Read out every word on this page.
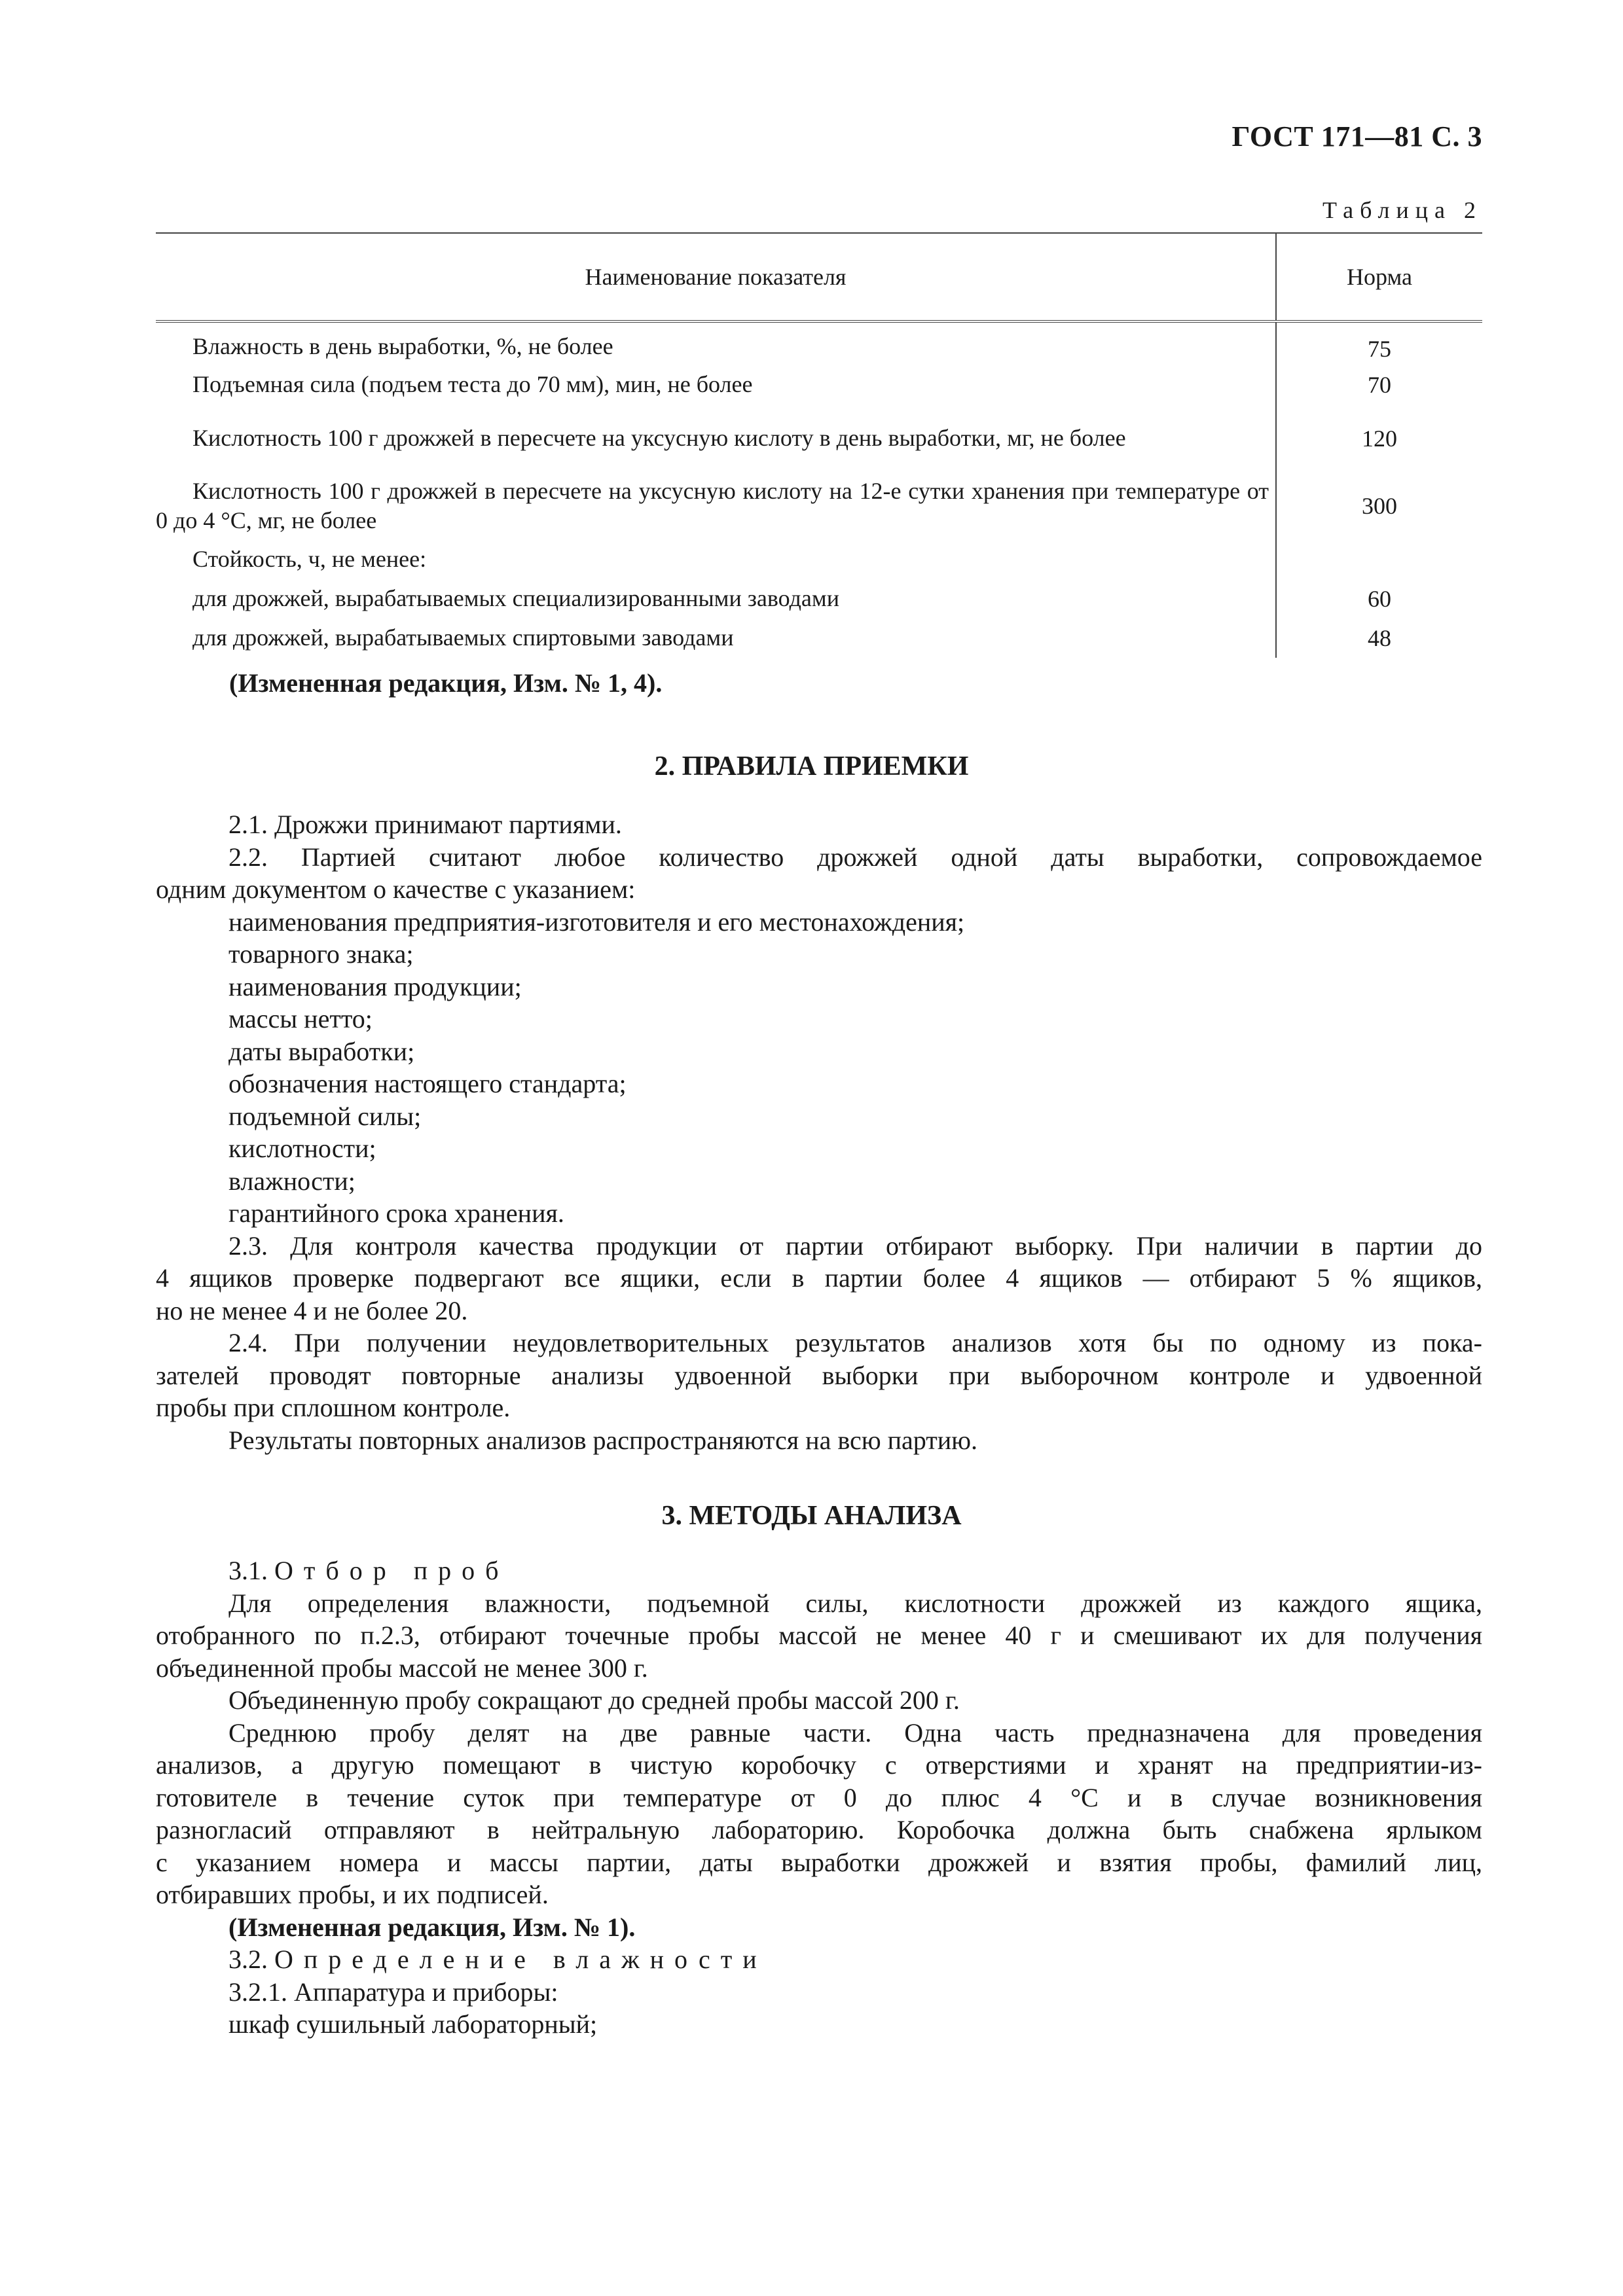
ГОСТ 171—81 С. 3
Таблица 2
Наименование показателя	Норма
Влажность в день выработки, %, не более	75
Подъемная сила (подъем теста до 70 мм), мин, не более	70
Кислотность 100 г дрожжей в пересчете на уксусную кислоту в день выработки, мг, не более	120
Кислотность 100 г дрожжей в пересчете на уксусную кислоту на 12-е сутки хранения при температуре от 0 до 4 °С, мг, не более	300
Стойкость, ч, не менее:	
для дрожжей, вырабатываемых специализированными заводами	60
для дрожжей, вырабатываемых спиртовыми заводами	48
(Измененная редакция, Изм. № 1, 4).
2. ПРАВИЛА ПРИЕМКИ

2.1. Дрожжи принимают партиями.

2.2. Партией считают любое количество дрожжей одной даты выработки, сопровождаемое

одним документом о качестве с указанием:

наименования предприятия-изготовителя и его местонахождения;

товарного знака;

наименования продукции;

массы нетто;

даты выработки;

обозначения настоящего стандарта;

подъемной силы;

кислотности;

влажности;

гарантийного срока хранения.

2.3. Для контроля качества продукции от партии отбирают выборку. При наличии в партии до

4 ящиков проверке подвергают все ящики, если в партии более 4 ящиков — отбирают 5 % ящиков,

но не менее 4 и не более 20.

2.4. При получении неудовлетворительных результатов анализов хотя бы по одному из пока-

зателей проводят повторные анализы удвоенной выборки при выборочном контроле и удвоенной

пробы при сплошном контроле.

Результаты повторных анализов распространяются на всю партию.

3. МЕТОДЫ АНАЛИЗА

3.1. Отбор проб

Для определения влажности, подъемной силы, кислотности дрожжей из каждого ящика,

отобранного по п.2.3, отбирают точечные пробы массой не менее 40 г и смешивают их для получения

объединенной пробы массой не менее 300 г.

Объединенную пробу сокращают до средней пробы массой 200 г.

Среднюю пробу делят на две равные части. Одна часть предназначена для проведения

анализов, а другую помещают в чистую коробочку с отверстиями и хранят на предприятии-из-

готовителе в течение суток при температуре от 0 до плюс 4 °С и в случае возникновения

разногласий отправляют в нейтральную лабораторию. Коробочка должна быть снабжена ярлыком

с указанием номера и массы партии, даты выработки дрожжей и взятия пробы, фамилий лиц,

отбиравших пробы, и их подписей.

(Измененная редакция, Изм. № 1).

3.2. Определение влажности

3.2.1. Аппаратура и приборы:

шкаф сушильный лабораторный;
